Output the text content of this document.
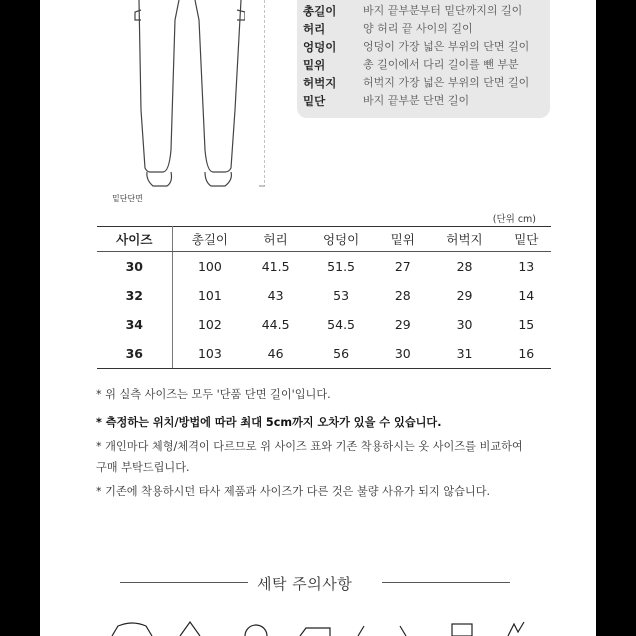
밑단단면
총길이	바지 끝부분부터 밑단까지의 길이
허리	양 허리 끝 사이의 길이
엉덩이	엉덩이 가장 넓은 부위의 단면 길이
밑위	총 길이에서 다리 길이를 뺀 부분
허벅지	허벅지 가장 넓은 부위의 단면 길이
밑단	바지 끝부분 단면 길이
(단위 cm)
사이즈	총길이	허리	엉덩이	밑위	허벅지	밑단
30	100	41.5	51.5	27	28	13
32	101	43	53	28	29	14
34	102	44.5	54.5	29	30	15
36	103	46	56	30	31	16
* 위 실측 사이즈는 모두 '단품 단면 길이'입니다.
* 측정하는 위치/방법에 따라 최대 5cm까지 오차가 있을 수 있습니다.
* 개인마다 체형/체격이 다르므로 위 사이즈 표와 기존 착용하시는 옷 사이즈를 비교하여
구매 부탁드립니다.
* 기존에 착용하시던 타사 제품과 사이즈가 다른 것은 불량 사유가 되지 않습니다.
세탁 주의사항
